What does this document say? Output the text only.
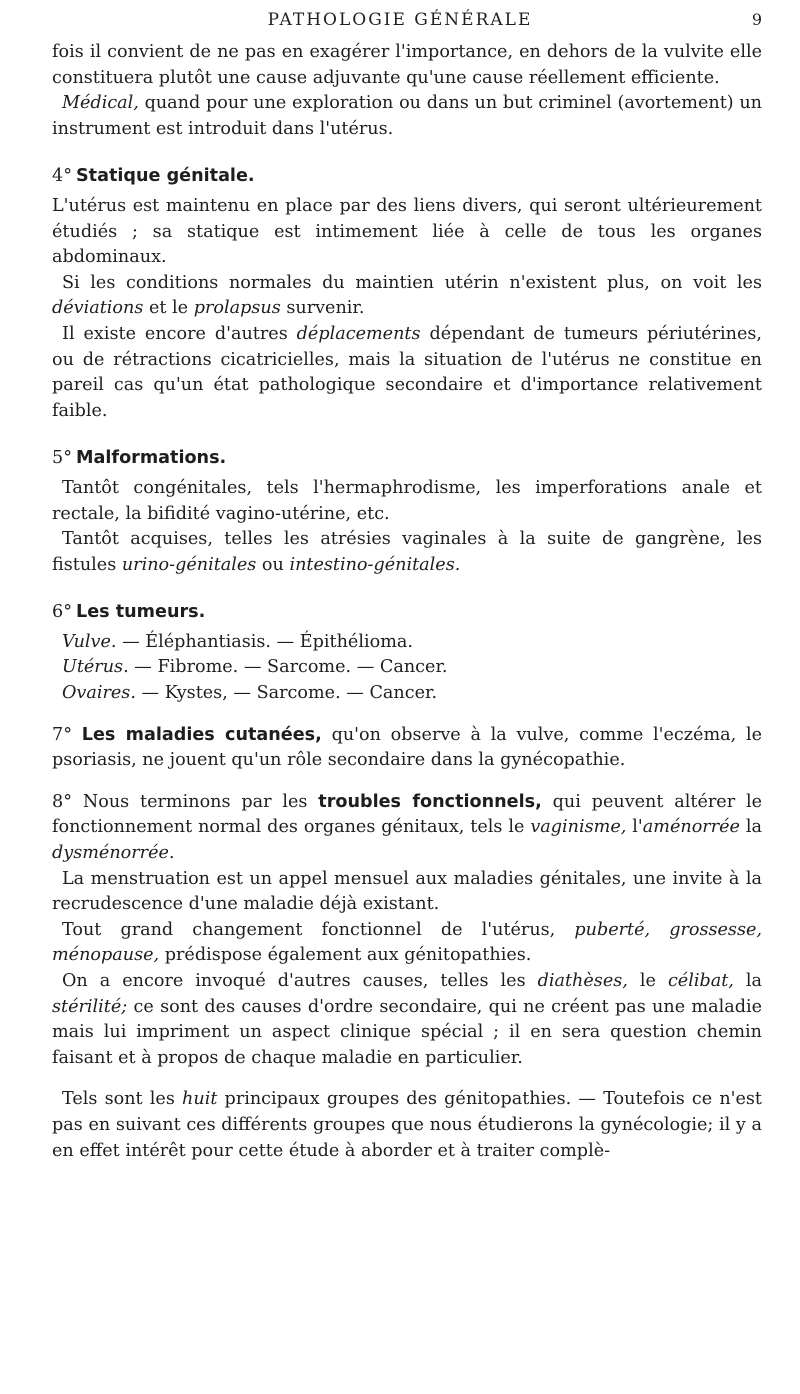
PATHOLOGIE GÉNÉRALE	9

fois il convient de ne pas en exagérer l'importance, en dehors de la vulvite elle constituera plutôt une cause adjuvante qu'une cause réellement efficiente.

Médical, quand pour une exploration ou dans un but criminel (avortement) un instrument est introduit dans l'utérus.

4° Statique génitale.

L'utérus est maintenu en place par des liens divers, qui seront ultérieurement étudiés ; sa statique est intimement liée à celle de tous les organes abdominaux.

Si les conditions normales du maintien utérin n'existent plus, on voit les déviations et le prolapsus survenir.

Il existe encore d'autres déplacements dépendant de tumeurs périutérines, ou de rétractions cicatricielles, mais la situation de l'utérus ne constitue en pareil cas qu'un état pathologique secondaire et d'importance relativement faible.

5° Malformations.

Tantôt congénitales, tels l'hermaphrodisme, les imperforations anale et rectale, la bifidité vagino-utérine, etc.

Tantôt acquises, telles les atrésies vaginales à la suite de gangrène, les fistules urino-génitales ou intestino-génitales.

6° Les tumeurs.

Vulve. — Éléphantiasis. — Épithélioma.

Utérus. — Fibrome. — Sarcome. — Cancer.

Ovaires. — Kystes, — Sarcome. — Cancer.

7° Les maladies cutanées, qu'on observe à la vulve, comme l'eczéma, le psoriasis, ne jouent qu'un rôle secondaire dans la gynécopathie.

8° Nous terminons par les troubles fonctionnels, qui peuvent altérer le fonctionnement normal des organes génitaux, tels le vaginisme, l'aménorrée la dysménorrée.

La menstruation est un appel mensuel aux maladies génitales, une invite à la recrudescence d'une maladie déjà existant.

Tout grand changement fonctionnel de l'utérus, puberté, grossesse, ménopause, prédispose également aux génitopathies.

On a encore invoqué d'autres causes, telles les diathèses, le célibat, la stérilité; ce sont des causes d'ordre secondaire, qui ne créent pas une maladie mais lui impriment un aspect clinique spécial ; il en sera question chemin faisant et à propos de chaque maladie en particulier.

Tels sont les huit principaux groupes des génitopathies. — Toutefois ce n'est pas en suivant ces différents groupes que nous étudierons la gynécologie; il y a en effet intérêt pour cette étude à aborder et à traiter complè-
